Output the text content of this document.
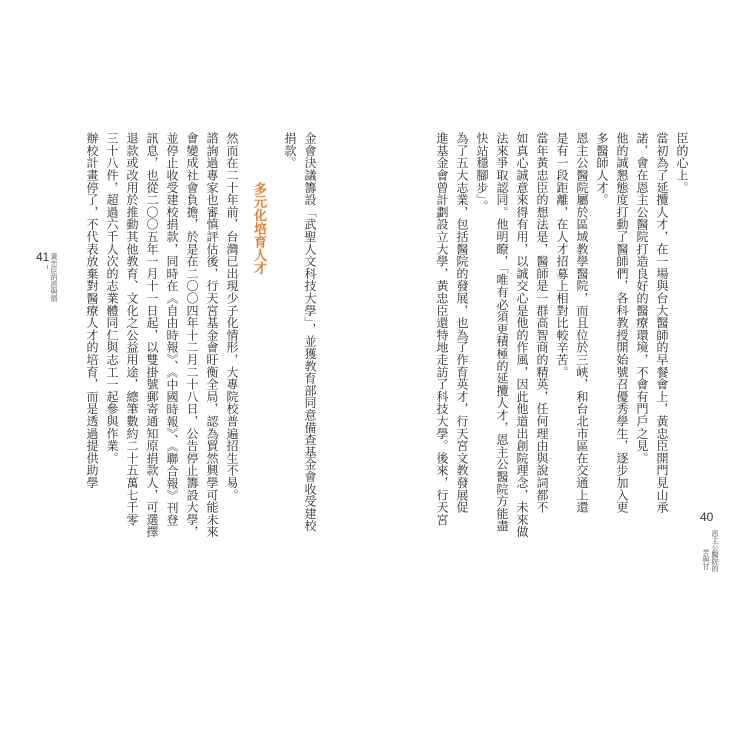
臣的心上。
當初為了延攬人才，在一場與台大醫師的早餐會上，黃忠臣開門見山承
諾，會在恩主公醫院打造良好的醫療環境，不會有門戶之見。
他的誠懇態度打動了醫師們，各科教授開始號召優秀學生，逐步加入更
多醫師人才。
恩主公醫院屬於區域教學醫院，而且位於三峽，和台北市區在交通上還
是有一段距離，在人才招募上相對比較辛苦。
當年黃忠臣的想法是，醫師是一群高智商的精英，任何理由與說詞都不
如真心誠意來得有用，以誠交心是他的作風，因此他道出創院理念，未來做
法來爭取認同。他明瞭，「唯有必須更積極的延攬人才，恩主公醫院方能盡
快站穩腳步」。
為了五大志業，包括醫院的發展，也為了作育英才，行天宮文教發展促
進基金會曾計劃設立大學，黃忠臣還特地走訪了科技大學。後來，行天宮	40
恩主公醫院的
苦與甘
金會決議籌設「武聖人文科技大學」，並獲教育部同意備查基金會收受建校
捐款。
多元化培育人才
然而在二十年前，台灣已出現少子化情形，大專院校普遍招生不易。
諮詢過專家也審慎評估後，行天宮基金會盱衡全局，認為貿然興學可能未來
會變成社會負擔，於是在二〇〇四年十二月二十八日，公告停止籌設大學，
並停止收受建校捐款，同時在《自由時報》、《中國時報》、《聯合報》刊登
訊息，也從二〇〇五年一月十一日起，以雙掛號郵寄通知原捐款人，可選擇
退款或改用於推動其他教育、文化之公益用途，總筆數約二十五萬七千零
三十八件，超過六千人次的志業體同仁與志工一起參與作業。
辦校計畫停了，不代表放棄對醫療人才的培育，而是透過提供助學
41 黃忠臣的恩與情
